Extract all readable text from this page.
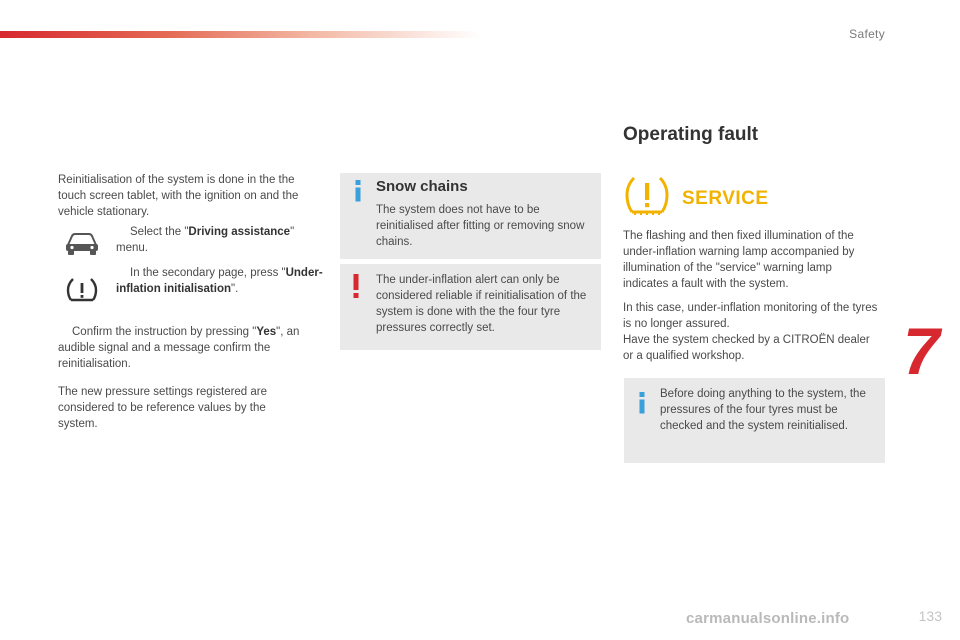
Safety

Reinitialisation of the system is done in the the touch screen tablet, with the ignition on and the vehicle stationary.

Select the "Driving assistance" menu.

In the secondary page, press "Under-inflation initialisation".

Confirm the instruction by pressing "Yes", an audible signal and a message confirm the reinitialisation.

The new pressure settings registered are considered to be reference values by the system.

Snow chains

The system does not have to be reinitialised after fitting or removing snow chains.

The under-inflation alert can only be considered reliable if reinitialisation of the system is done with the the four tyre pressures correctly set.

Operating fault
SERVICE

The flashing and then fixed illumination of the under-inflation warning lamp accompanied by illumination of the "service" warning lamp indicates a fault with the system.

In this case, under-inflation monitoring of the tyres is no longer assured.

Have the system checked by a CITROËN dealer or a qualified workshop.

Before doing anything to the system, the pressures of the four tyres must be checked and the system reinitialised.

7
carmanualsonline.info	133
